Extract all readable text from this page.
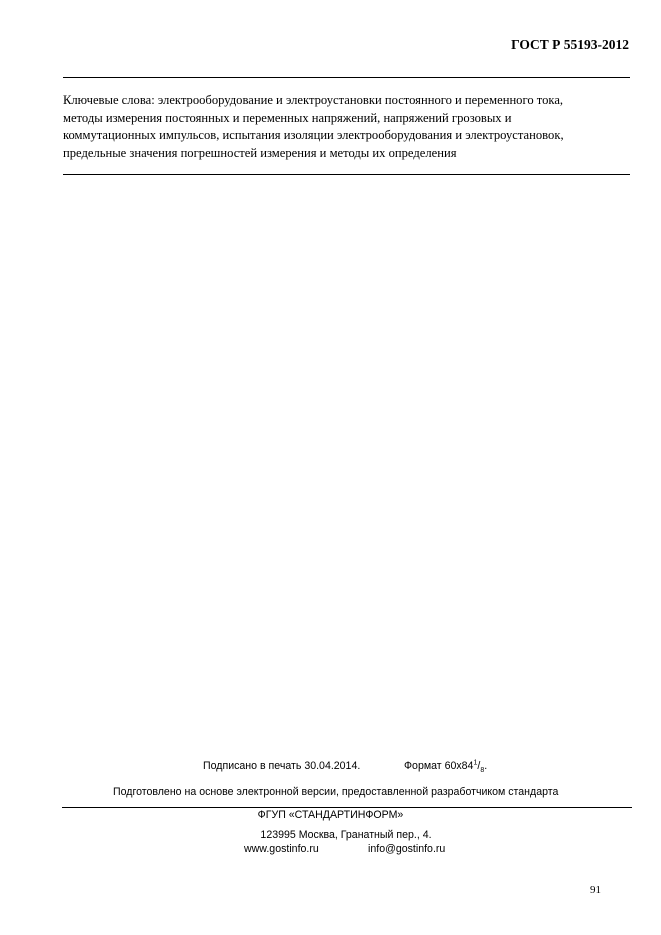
ГОСТ Р 55193-2012
Ключевые слова: электрооборудование и электроустановки постоянного и переменного тока,
методы измерения постоянных и переменных напряжений, напряжений грозовых и
коммутационных импульсов, испытания изоляции электрооборудования и электроустановок,
предельные значения погрешностей измерения и методы их определения
Подписано в печать 30.04.2014.	Формат $60x84^1/_8$.
Подготовлено на основе электронной версии, предоставленной разработчиком стандарта
ФГУП «СТАНДАРТИНФОРМ»
123995 Москва, Гранатный пер., 4.
www.gostinfo.ru	info@gostinfo.ru
91
